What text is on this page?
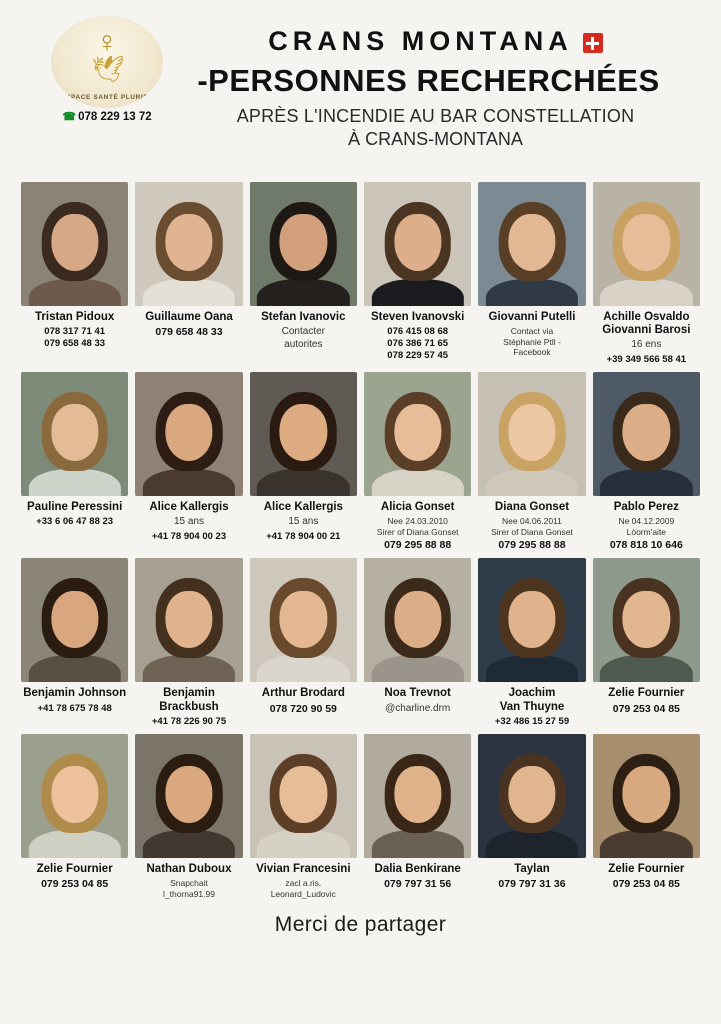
♀
🕊
ESPACE SANTÉ PLURIEL
☎ 078 229 13 72
CRANS MONTANA
-PERSONNES RECHERCHÉES
APRÈS L'INCENDIE AU BAR CONSTELLATION
À CRANS-MONTANA
Tristan Pidoux
078 317 71 41
079 658 48 33
Guillaume Oana
079 658 48 33
Stefan Ivanovic
Contacter
autorites
Steven Ivanovski
076 415 08 68
076 386 71 65
078 229 57 45
Giovanni Putelli
Contact via
Stéphanie Ptll -
Facebook
Achille Osvaldo
Giovanni Barosi
16 ens
+39 349 566 58 41
Pauline Peressini
+33 6 06 47 88 23
Alice Kallergis
15 ans
+41 78 904 00 23
Alice Kallergis
15 ans
+41 78 904 00 21
Alicia Gonset
Nee 24.03.2010
Sirer of Diana Gonset
079 295 88 88
Diana Gonset
Nee 04.06.2011
Sirer of Diana Gonset
079 295 88 88
Pablo Perez
Ne 04.12.2009
Lòorm'aite
078 818 10 646
Benjamin Johnson
+41 78 675 78 48
Benjamin Brackbush
+41 78 226 90 75
Arthur Brodard
078 720 90 59
Noa Trevnot
@charline.drm
Joachim
Van Thuyne
+32 486 15 27 59
Zelie Fournier
079 253 04 85
Zelie Fournier
079 253 04 85
Nathan Duboux
Snapchait
l_thorna91.99
Vivian Francesini
zacl a.ris.
Leonard_Ludovic
Dalia Benkirane
079 797 31 56
Taylan
079 797 31 36
Zelie Fournier
079 253 04 85
Merci de partager
